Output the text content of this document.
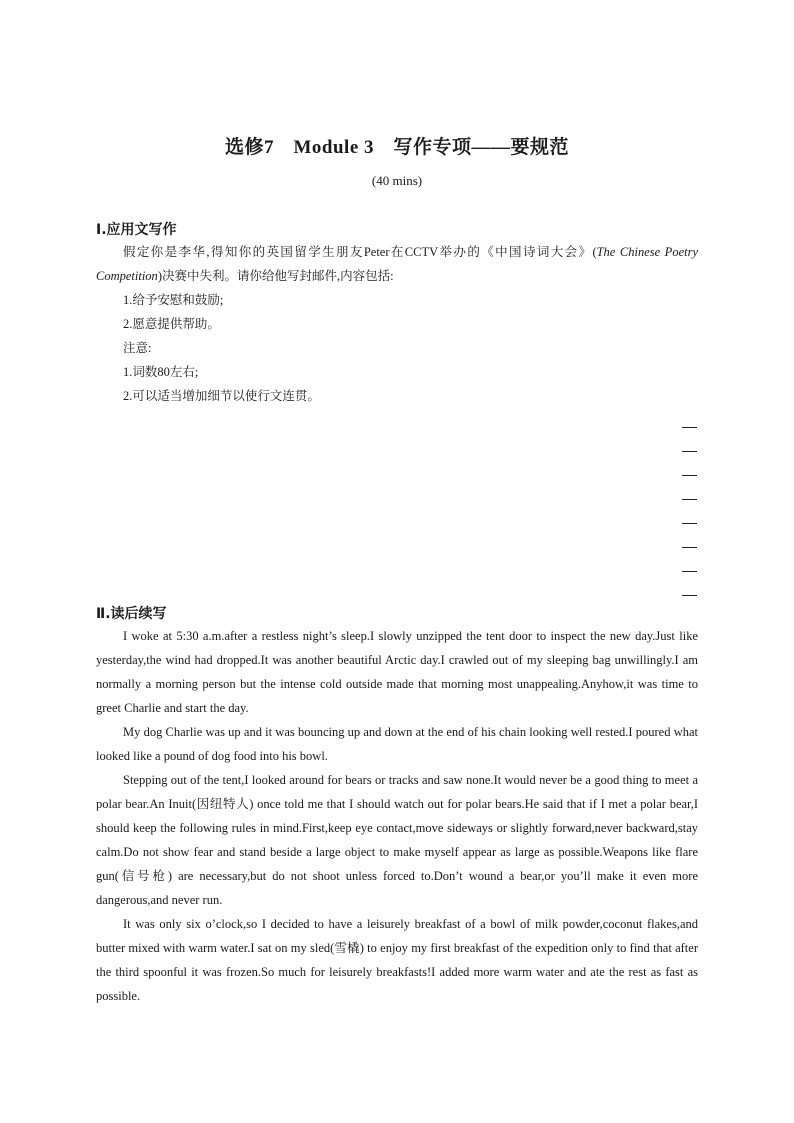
选修7　Module 3　写作专项——要规范
(40 mins)
Ⅰ.应用文写作

假定你是李华,得知你的英国留学生朋友Peter在CCTV举办的《中国诗词大会》(The Chinese Poetry Competition)决赛中失利。请你给他写封邮件,内容包括:

1.给予安慰和鼓励;
2.愿意提供帮助。
注意:
1.词数80左右;
2.可以适当增加细节以使行文连贯。
Ⅱ.读后续写

I woke at 5:30 a.m.after a restless night’s sleep.I slowly unzipped the tent door to inspect the new day.Just like yesterday,the wind had dropped.It was another beautiful Arctic day.I crawled out of my sleeping bag unwillingly.I am normally a morning person but the intense cold outside made that morning most unappealing.Anyhow,it was time to greet Charlie and start the day.

My dog Charlie was up and it was bouncing up and down at the end of his chain looking well rested.I poured what looked like a pound of dog food into his bowl.

Stepping out of the tent,I looked around for bears or tracks and saw none.It would never be a good thing to meet a polar bear.An Inuit(因纽特人) once told me that I should watch out for polar bears.He said that if I met a polar bear,I should keep the following rules in mind.First,keep eye contact,move sideways or slightly forward,never backward,stay calm.Do not show fear and stand beside a large object to make myself appear as large as possible.Weapons like flare gun(信号枪) are necessary,but do not shoot unless forced to.Don’t wound a bear,or you’ll make it even more dangerous,and never run.

It was only six o’clock,so I decided to have a leisurely breakfast of a bowl of milk powder,coconut flakes,and butter mixed with warm water.I sat on my sled(雪橇) to enjoy my first breakfast of the expedition only to find that after the third spoonful it was frozen.So much for leisurely breakfasts!I added more warm water and ate the rest as fast as possible.
